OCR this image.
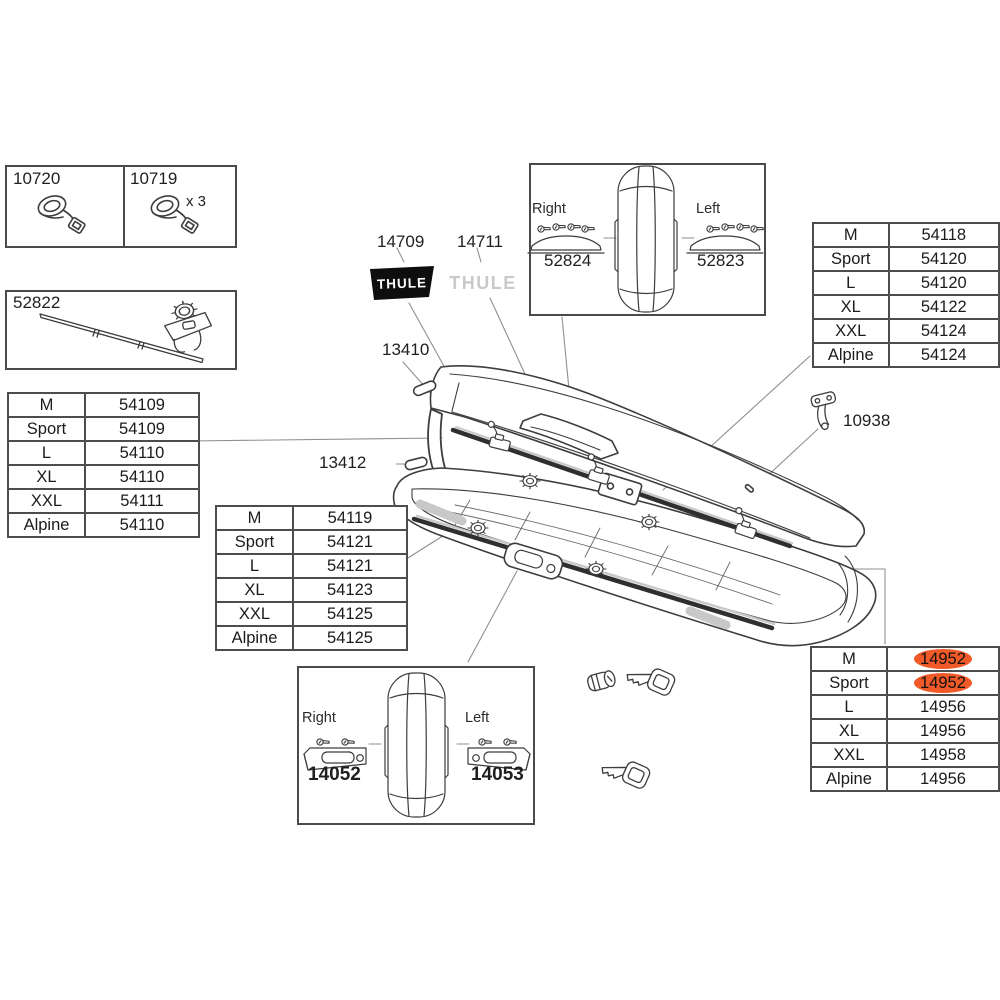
THULE THULE
10720	10719
x 3
52822
14709 14711
13410
13412
10938
Right	Left
52824	52823
Right	Left
14052	14053
M	54109
Sport	54109
L	54110
XL	54110
XXL	54111
Alpine	54110
M	54118
Sport	54120
L	54120
XL	54122
XXL	54124
Alpine	54124
M	54119
Sport	54121
L	54121
XL	54123
XXL	54125
Alpine	54125
M	14952
Sport	14952
L	14956
XL	14956
XXL	14958
Alpine	14956
